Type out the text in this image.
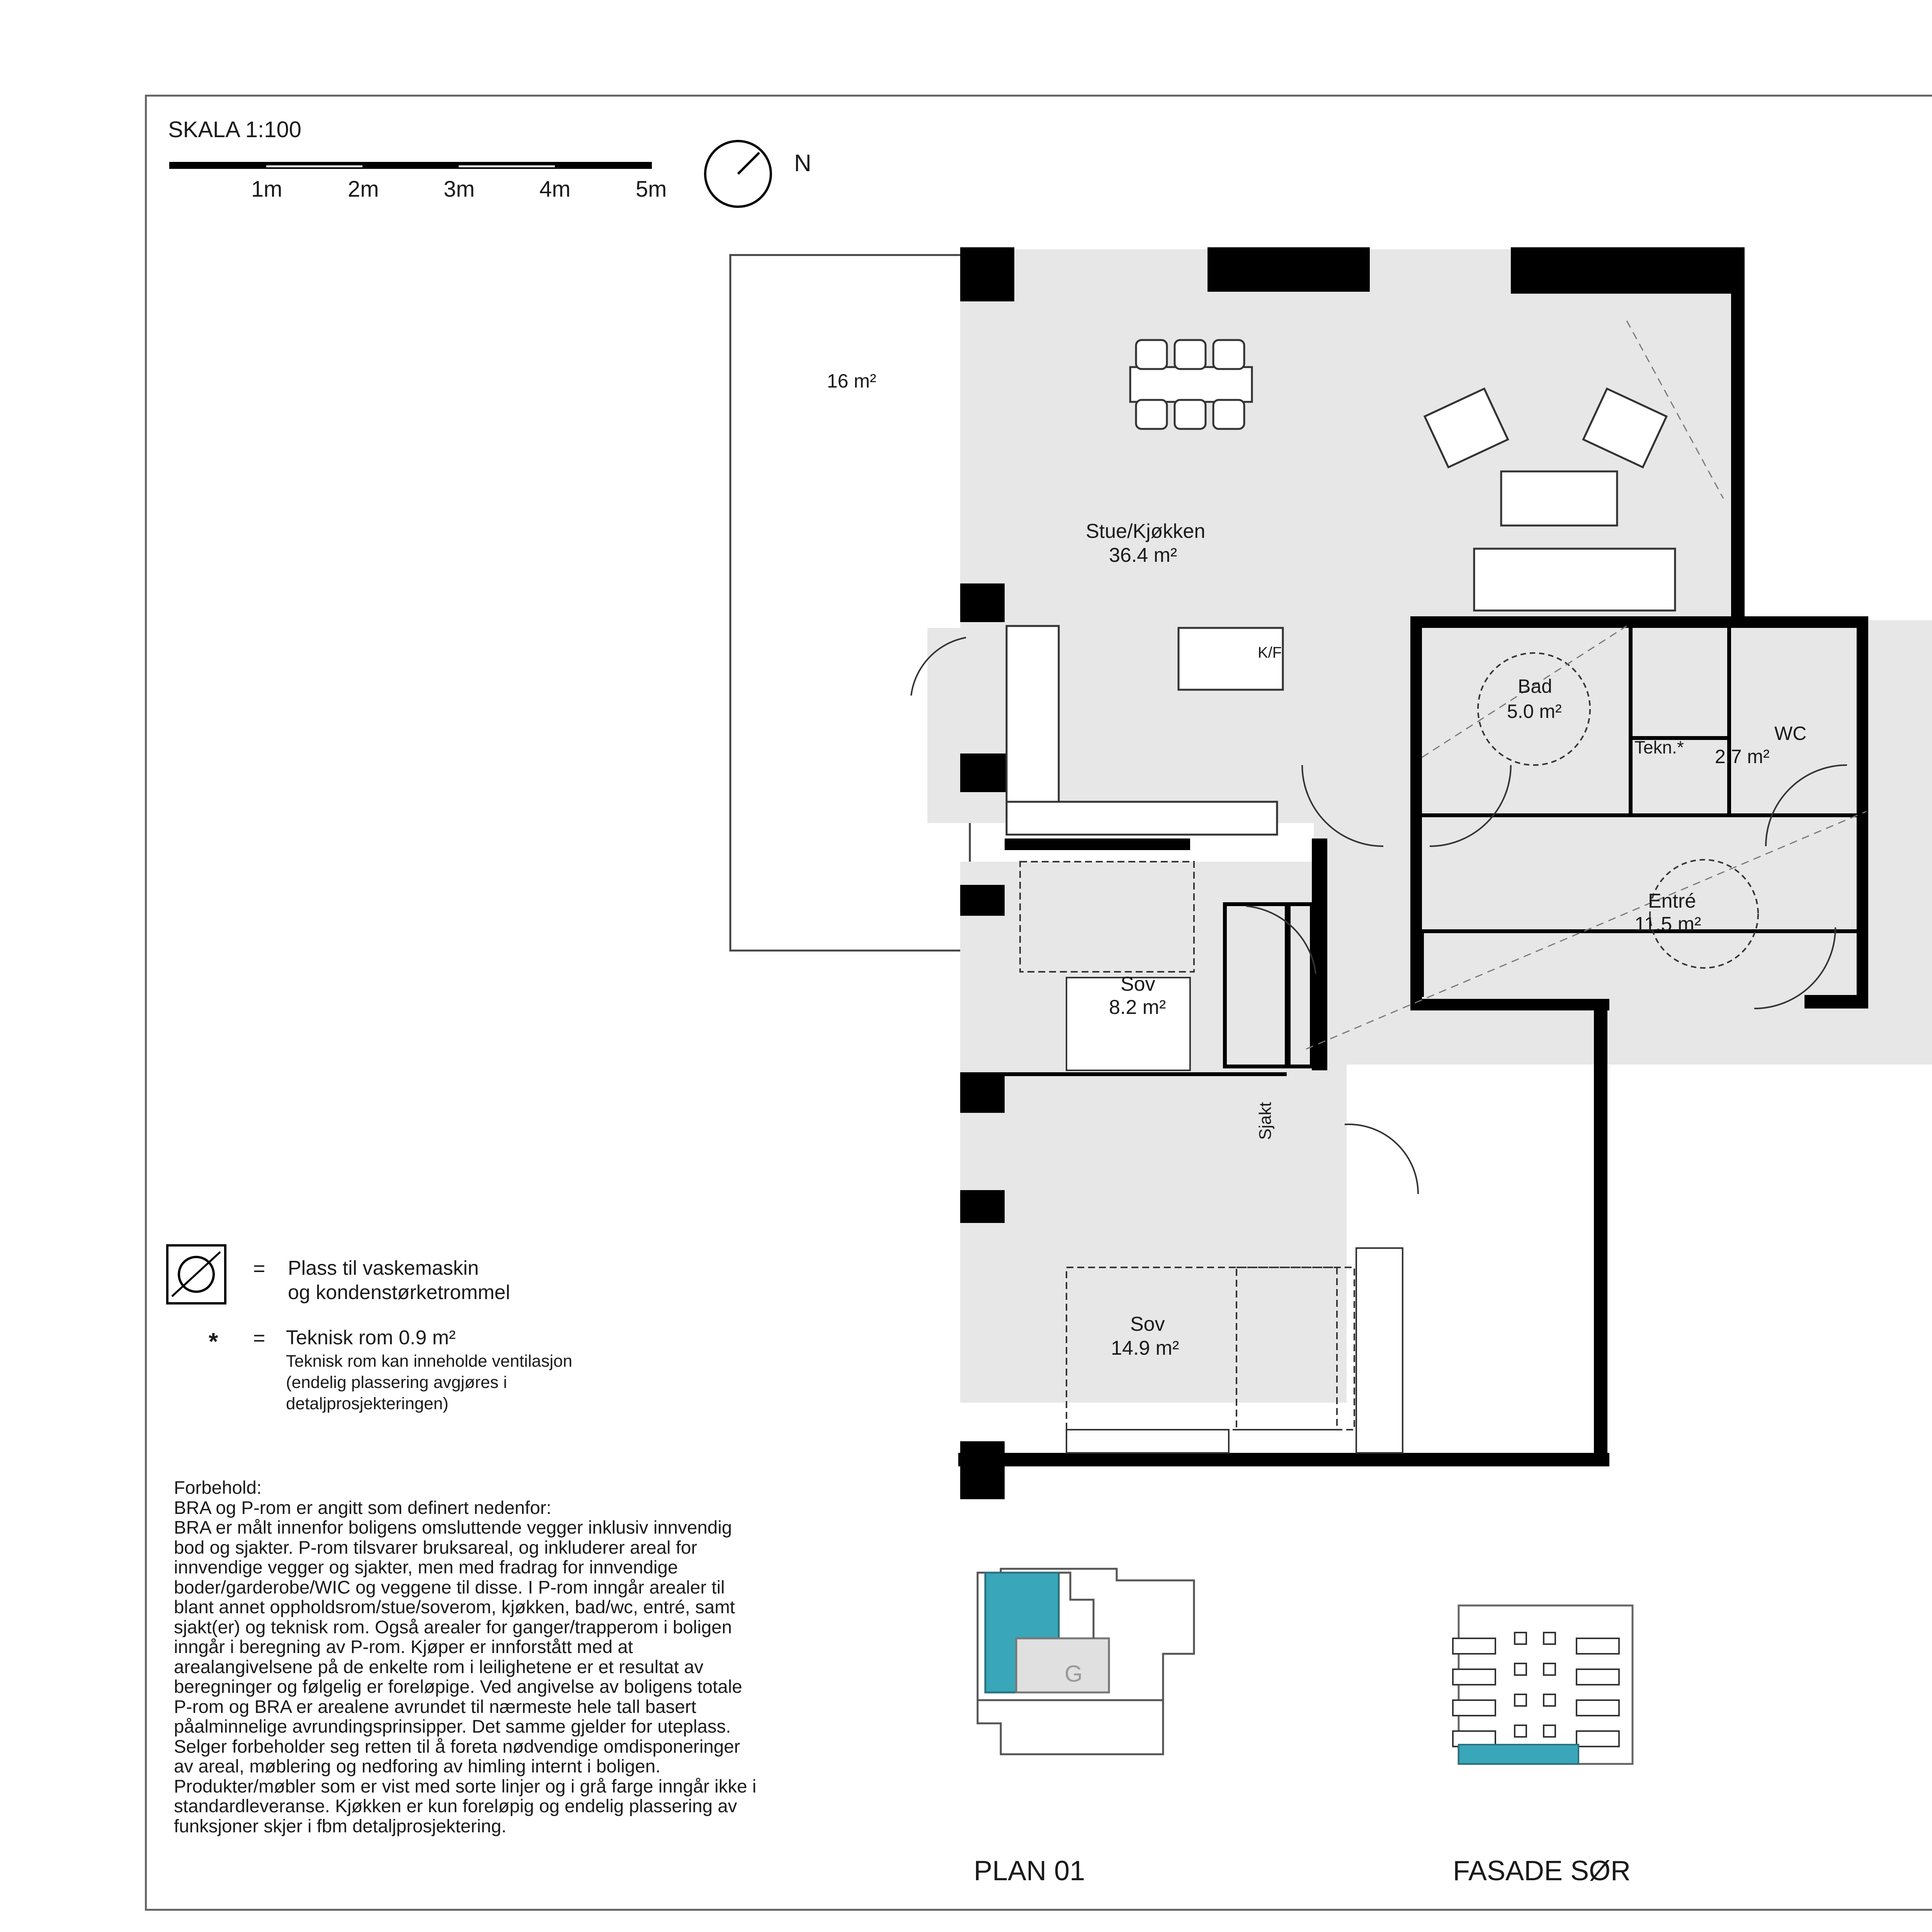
SKALA 1:100
1m	2m	3m	4m	5m
N
16 m²
Stue/Kjøkken
36.4 m²
K/F
Bad
5.0 m²
Tekn.*
WC
2.7 m²
Entré
11.5 m²
Sov
8.2 m²
Sjakt
Sov
14.9 m²
= Plass til vaskemaskin
og kondenstørketrommel
* = Teknisk rom 0.9 m²
Teknisk rom kan inneholde ventilasjon
(endelig plassering avgjøres i
detaljprosjekteringen)
Forbehold:
BRA og P-rom er angitt som definert nedenfor:
BRA er målt innenfor boligens omsluttende vegger inklusiv innvendig
bod og sjakter. P-rom tilsvarer bruksareal, og inkluderer areal for
innvendige vegger og sjakter, men med fradrag for innvendige
boder/garderobe/WIC og veggene til disse. I P-rom inngår arealer til
blant annet oppholdsrom/stue/soverom, kjøkken, bad/wc, entré, samt
sjakt(er) og teknisk rom. Også arealer for ganger/trapperom i boligen
inngår i beregning av P-rom. Kjøper er innforstått med at
arealangivelsene på de enkelte rom i leilighetene er et resultat av
beregninger og følgelig er foreløpige. Ved angivelse av boligens totale
P-rom og BRA er arealene avrundet til nærmeste hele tall basert
påalminnelige avrundingsprinsipper. Det samme gjelder for uteplass.
Selger forbeholder seg retten til å foreta nødvendige omdisponeringer
av areal, møblering og nedforing av himling internt i boligen.
Produkter/møbler som er vist med sorte linjer og i grå farge inngår ikke i
standardleveranse. Kjøkken er kun foreløpig og endelig plassering av
funksjoner skjer i fbm detaljprosjektering.
G
PLAN 01	FASADE SØR
